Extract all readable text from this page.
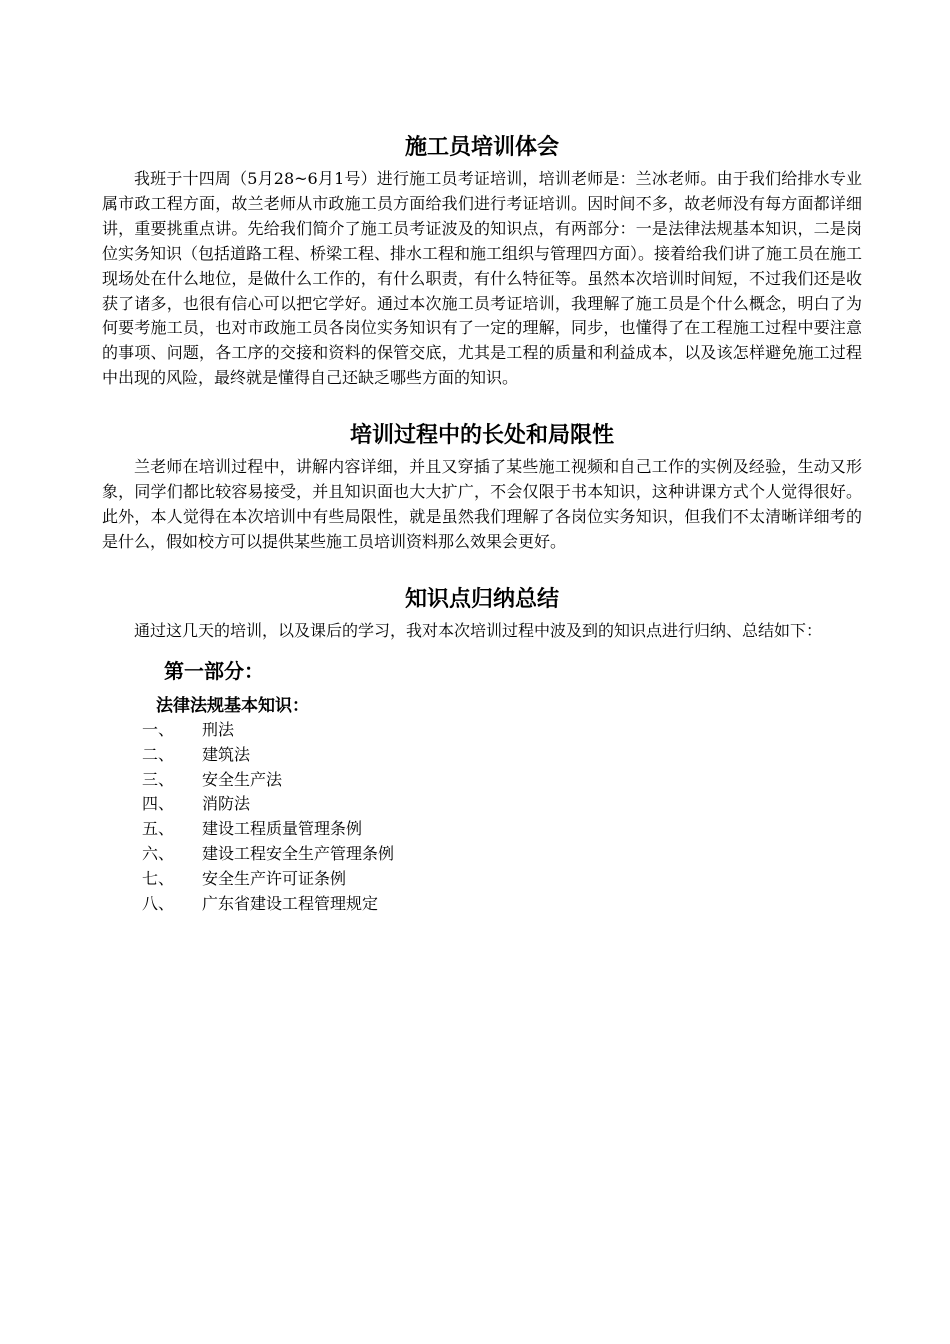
施工员培训体会

我班于十四周（5月28~6月1号）进行施工员考证培训，培训老师是：兰冰老师。由于我们给排水专业属市政工程方面，故兰老师从市政施工员方面给我们进行考证培训。因时间不多，故老师没有每方面都详细讲，重要挑重点讲。先给我们简介了施工员考证波及的知识点，有两部分：一是法律法规基本知识，二是岗位实务知识（包括道路工程、桥梁工程、排水工程和施工组织与管理四方面）。接着给我们讲了施工员在施工现场处在什么地位，是做什么工作的，有什么职责，有什么特征等。虽然本次培训时间短，不过我们还是收获了诸多，也很有信心可以把它学好。通过本次施工员考证培训，我理解了施工员是个什么概念，明白了为何要考施工员，也对市政施工员各岗位实务知识有了一定的理解，同步，也懂得了在工程施工过程中要注意的事项、问题，各工序的交接和资料的保管交底，尤其是工程的质量和利益成本，以及该怎样避免施工过程中出现的风险，最终就是懂得自己还缺乏哪些方面的知识。

培训过程中的长处和局限性

兰老师在培训过程中，讲解内容详细，并且又穿插了某些施工视频和自己工作的实例及经验，生动又形象，同学们都比较容易接受，并且知识面也大大扩广，不会仅限于书本知识，这种讲课方式个人觉得很好。此外，本人觉得在本次培训中有些局限性，就是虽然我们理解了各岗位实务知识，但我们不太清晰详细考的是什么，假如校方可以提供某些施工员培训资料那么效果会更好。

知识点归纳总结

通过这几天的培训，以及课后的学习，我对本次培训过程中波及到的知识点进行归纳、总结如下：

第一部分：
法律法规基本知识：
一、	刑法
二、	建筑法
三、	安全生产法
四、	消防法
五、	建设工程质量管理条例
六、	建设工程安全生产管理条例
七、	安全生产许可证条例
八、	广东省建设工程管理规定
